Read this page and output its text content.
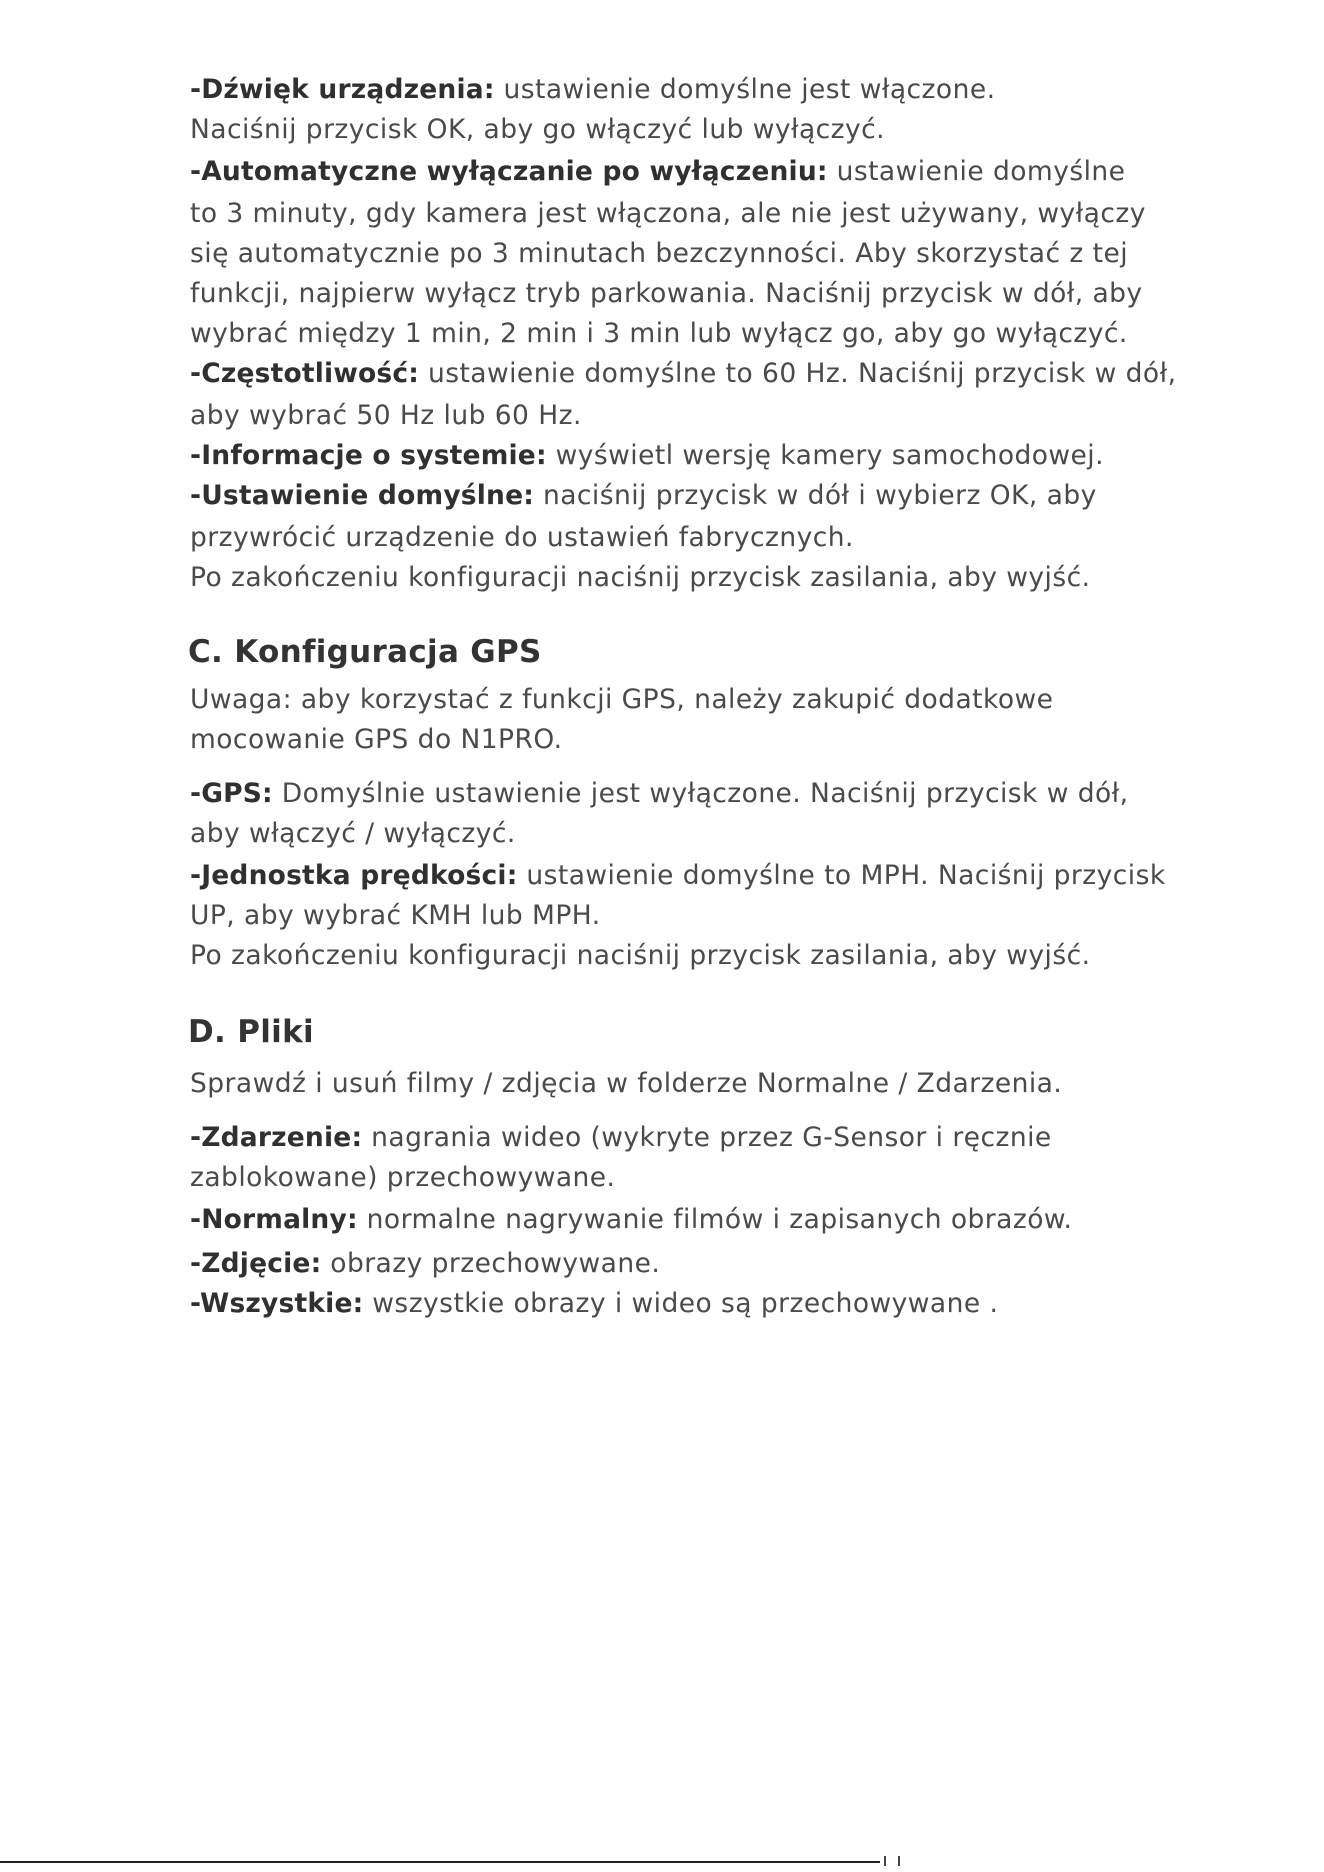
-Dźwięk urządzenia: ustawienie domyślne jest włączone.
Naciśnij przycisk OK, aby go włączyć lub wyłączyć.
-Automatyczne wyłączanie po wyłączeniu: ustawienie domyślne
to 3 minuty, gdy kamera jest włączona, ale nie jest używany, wyłączy
się automatycznie po 3 minutach bezczynności. Aby skorzystać z tej
funkcji, najpierw wyłącz tryb parkowania. Naciśnij przycisk w dół, aby
wybrać między 1 min, 2 min i 3 min lub wyłącz go, aby go wyłączyć.
-Częstotliwość: ustawienie domyślne to 60 Hz. Naciśnij przycisk w dół,
aby wybrać 50 Hz lub 60 Hz.
-Informacje o systemie: wyświetl wersję kamery samochodowej.
-Ustawienie domyślne: naciśnij przycisk w dół i wybierz OK, aby
przywrócić urządzenie do ustawień fabrycznych.
Po zakończeniu konfiguracji naciśnij przycisk zasilania, aby wyjść.
C. Konfiguracja GPS
Uwaga: aby korzystać z funkcji GPS, należy zakupić dodatkowe
mocowanie GPS do N1PRO.
-GPS: Domyślnie ustawienie jest wyłączone. Naciśnij przycisk w dół,
aby włączyć / wyłączyć.
-Jednostka prędkości: ustawienie domyślne to MPH. Naciśnij przycisk
UP, aby wybrać KMH lub MPH.
Po zakończeniu konfiguracji naciśnij przycisk zasilania, aby wyjść.
D. Pliki
Sprawdź i usuń filmy / zdjęcia w folderze Normalne / Zdarzenia.
-Zdarzenie: nagrania wideo (wykryte przez G-Sensor i ręcznie
zablokowane) przechowywane.
-Normalny: normalne nagrywanie filmów i zapisanych obrazów.
-Zdjęcie: obrazy przechowywane.
-Wszystkie: wszystkie obrazy i wideo są przechowywane .
